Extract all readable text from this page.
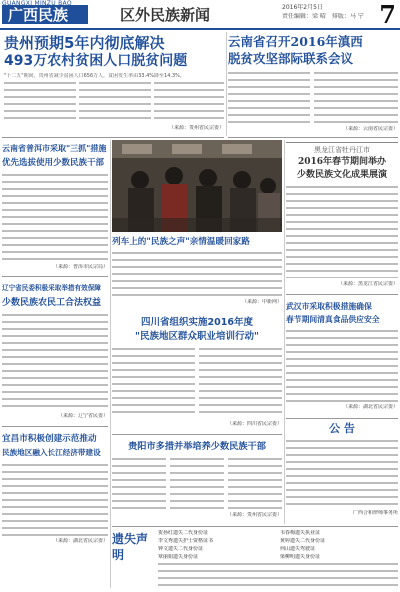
广西民族
GUANGXI MINZU BAO
区外民族新闻	2016年2月5日
责任编辑：梁 晴　排版：马 宁 7
贵州预期5年内彻底解决
493万农村贫困人口脱贫问题
"十二五"期间，贵州省减少贫困人口656万人，贫困发生率由33.4%降至14.3%。
（来源：贵州省民宗委）
云南省召开2016年滇西
脱贫攻坚部际联系会议
（来源：云南省民宗委）
云南省普洱市采取"三抓"措施
优先选拔使用少数民族干部
（来源：普洱市民宗局）
列车上的"民族之声"亲情温暖回家路
（来源：中新网）
黑龙江省牡丹江市
2016年春节期间举办
少数民族文化成果展演
（来源：黑龙江省民宗委）
辽宁省民委积极采取举措有效保障
少数民族农民工合法权益
（来源：辽宁省民委）
四川省组织实施2016年度
"民族地区群众职业培训行动"
（来源：四川省民宗委）
武汉市采取积极措施确保
春节期间清真食品供应安全
（来源：湖北省民宗委）
公 告
广西合和律师事务所
宜昌市积极创建示范推动
民族地区融入长江经济带建设
（来源：湖北省民宗委）
贵阳市多措并举培养少数民族干部
（来源：贵州省民宗委）
遗失声明
贺孙红遗失二代身份证
李文秀遗失护士资格证书
钟文遗失二代身份证
覃丽娟遗失身份证
韦春梅遗失执业证
黄婷遗失二代身份证
何山遗失驾驶证
梁柳明遗失身份证
